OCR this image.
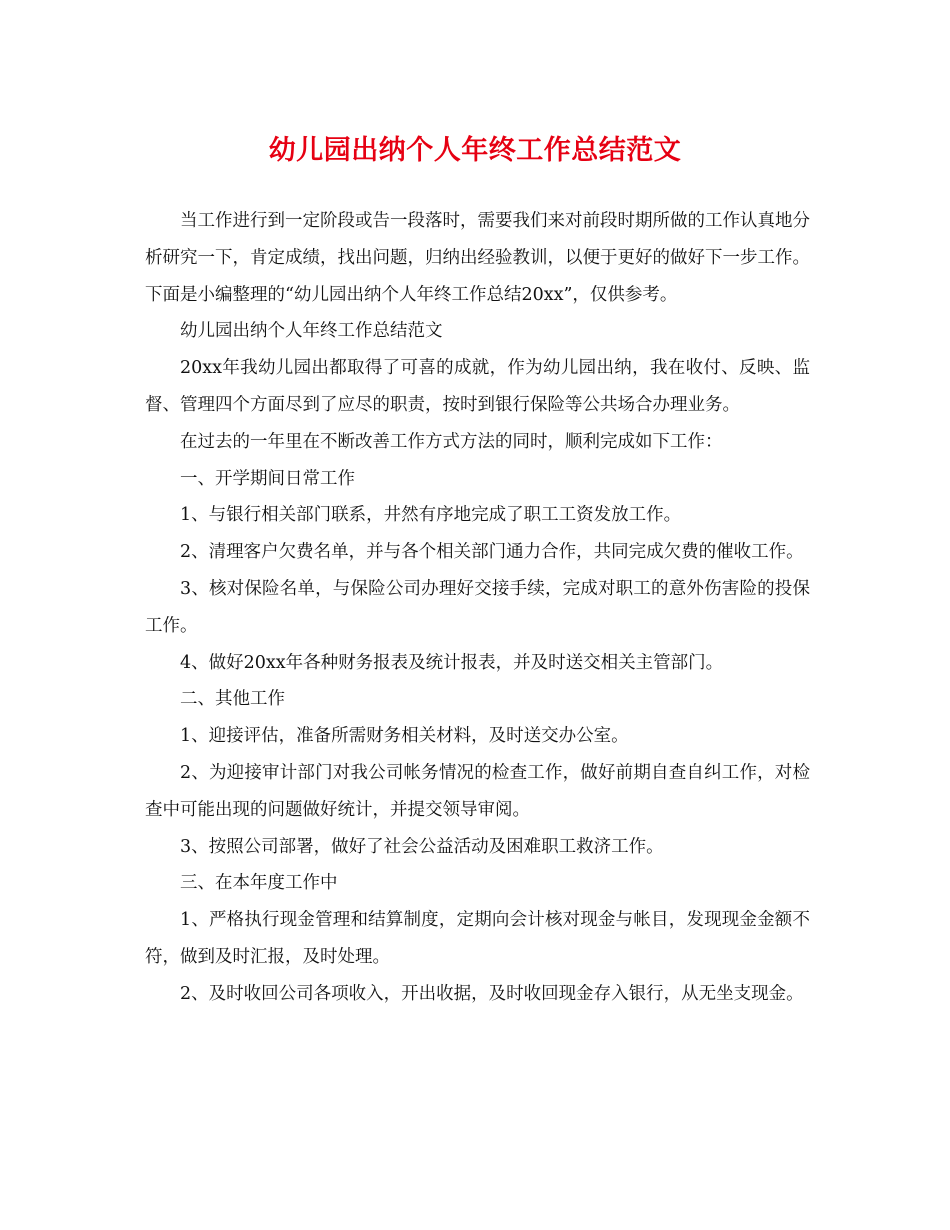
幼儿园出纳个人年终工作总结范文

当工作进行到一定阶段或告一段落时，需要我们来对前段时期所做的工作认真地分析研究一下，肯定成绩，找出问题，归纳出经验教训，以便于更好的做好下一步工作。下面是小编整理的“幼儿园出纳个人年终工作总结20xx”，仅供参考。

幼儿园出纳个人年终工作总结范文

20xx年我幼儿园出都取得了可喜的成就，作为幼儿园出纳，我在收付、反映、监督、管理四个方面尽到了应尽的职责，按时到银行保险等公共场合办理业务。

在过去的一年里在不断改善工作方式方法的同时，顺利完成如下工作：

一、开学期间日常工作

1、与银行相关部门联系，井然有序地完成了职工工资发放工作。

2、清理客户欠费名单，并与各个相关部门通力合作，共同完成欠费的催收工作。

3、核对保险名单，与保险公司办理好交接手续，完成对职工的意外伤害险的投保工作。

4、做好20xx年各种财务报表及统计报表，并及时送交相关主管部门。

二、其他工作

1、迎接评估，准备所需财务相关材料，及时送交办公室。

2、为迎接审计部门对我公司帐务情况的检查工作，做好前期自查自纠工作，对检查中可能出现的问题做好统计，并提交领导审阅。

3、按照公司部署，做好了社会公益活动及困难职工救济工作。

三、在本年度工作中

1、严格执行现金管理和结算制度，定期向会计核对现金与帐目，发现现金金额不符，做到及时汇报，及时处理。

2、及时收回公司各项收入，开出收据，及时收回现金存入银行，从无坐支现金。
